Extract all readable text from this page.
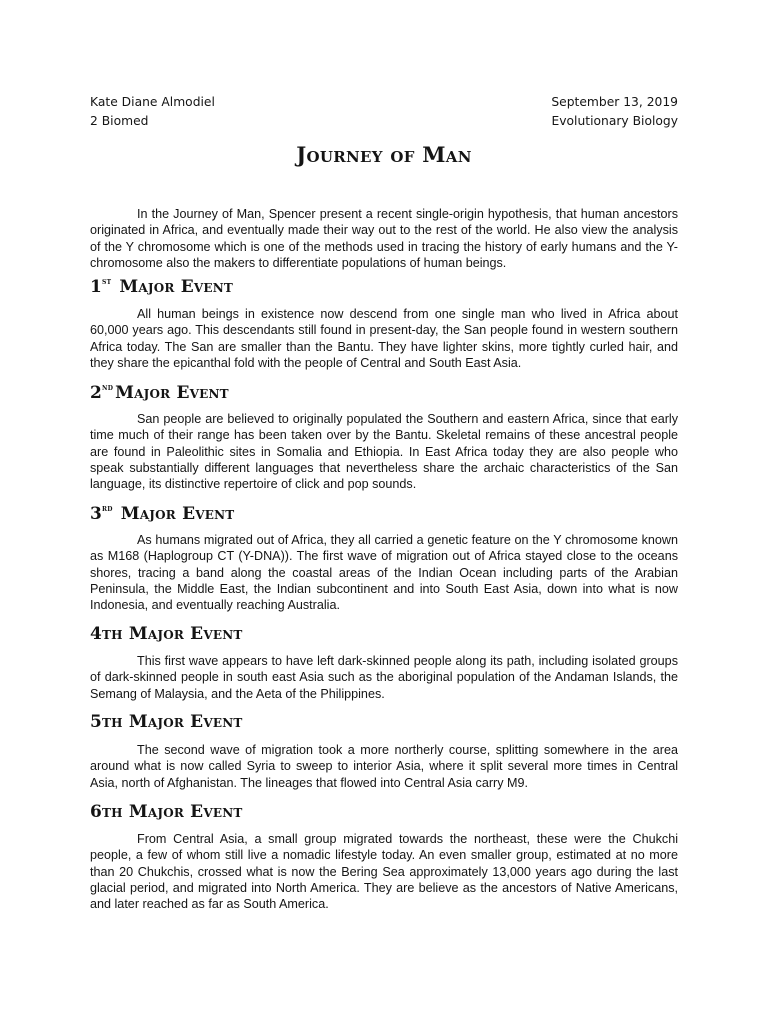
Kate Diane Almodiel
2 Biomed
September 13, 2019
Evolutionary Biology
Journey of Man

In the Journey of Man, Spencer present a recent single-origin hypothesis, that human ancestors originated in Africa, and eventually made their way out to the rest of the world. He also view the analysis of the Y chromosome which is one of the methods used in tracing the history of early humans and the Y-chromosome also the makers to differentiate populations of human beings.

1st Major Event

All human beings in existence now descend from one single man who lived in Africa about 60,000 years ago. This descendants still found in present-day, the San people found in western southern Africa today. The San are smaller than the Bantu. They have lighter skins, more tightly curled hair, and they share the epicanthal fold with the people of Central and South East Asia.

2nd Major Event

San people are believed to originally populated the Southern and eastern Africa, since that early time much of their range has been taken over by the Bantu. Skeletal remains of these ancestral people are found in Paleolithic sites in Somalia and Ethiopia. In East Africa today they are also people who speak substantially different languages that nevertheless share the archaic characteristics of the San language, its distinctive repertoire of click and pop sounds.

3rd Major Event

As humans migrated out of Africa, they all carried a genetic feature on the Y chromosome known as M168 (Haplogroup CT (Y-DNA)). The first wave of migration out of Africa stayed close to the oceans shores, tracing a band along the coastal areas of the Indian Ocean including parts of the Arabian Peninsula, the Middle East, the Indian subcontinent and into South East Asia, down into what is now Indonesia, and eventually reaching Australia.

4th Major Event

This first wave appears to have left dark-skinned people along its path, including isolated groups of dark-skinned people in south east Asia such as the aboriginal population of the Andaman Islands, the Semang of Malaysia, and the Aeta of the Philippines.

5th Major Event

The second wave of migration took a more northerly course, splitting somewhere in the area around what is now called Syria to sweep to interior Asia, where it split several more times in Central Asia, north of Afghanistan. The lineages that flowed into Central Asia carry M9.

6th Major Event

From Central Asia, a small group migrated towards the northeast, these were the Chukchi people, a few of whom still live a nomadic lifestyle today. An even smaller group, estimated at no more than 20 Chukchis, crossed what is now the Bering Sea approximately 13,000 years ago during the last glacial period, and migrated into North America. They are believe as the ancestors of Native Americans, and later reached as far as South America.
